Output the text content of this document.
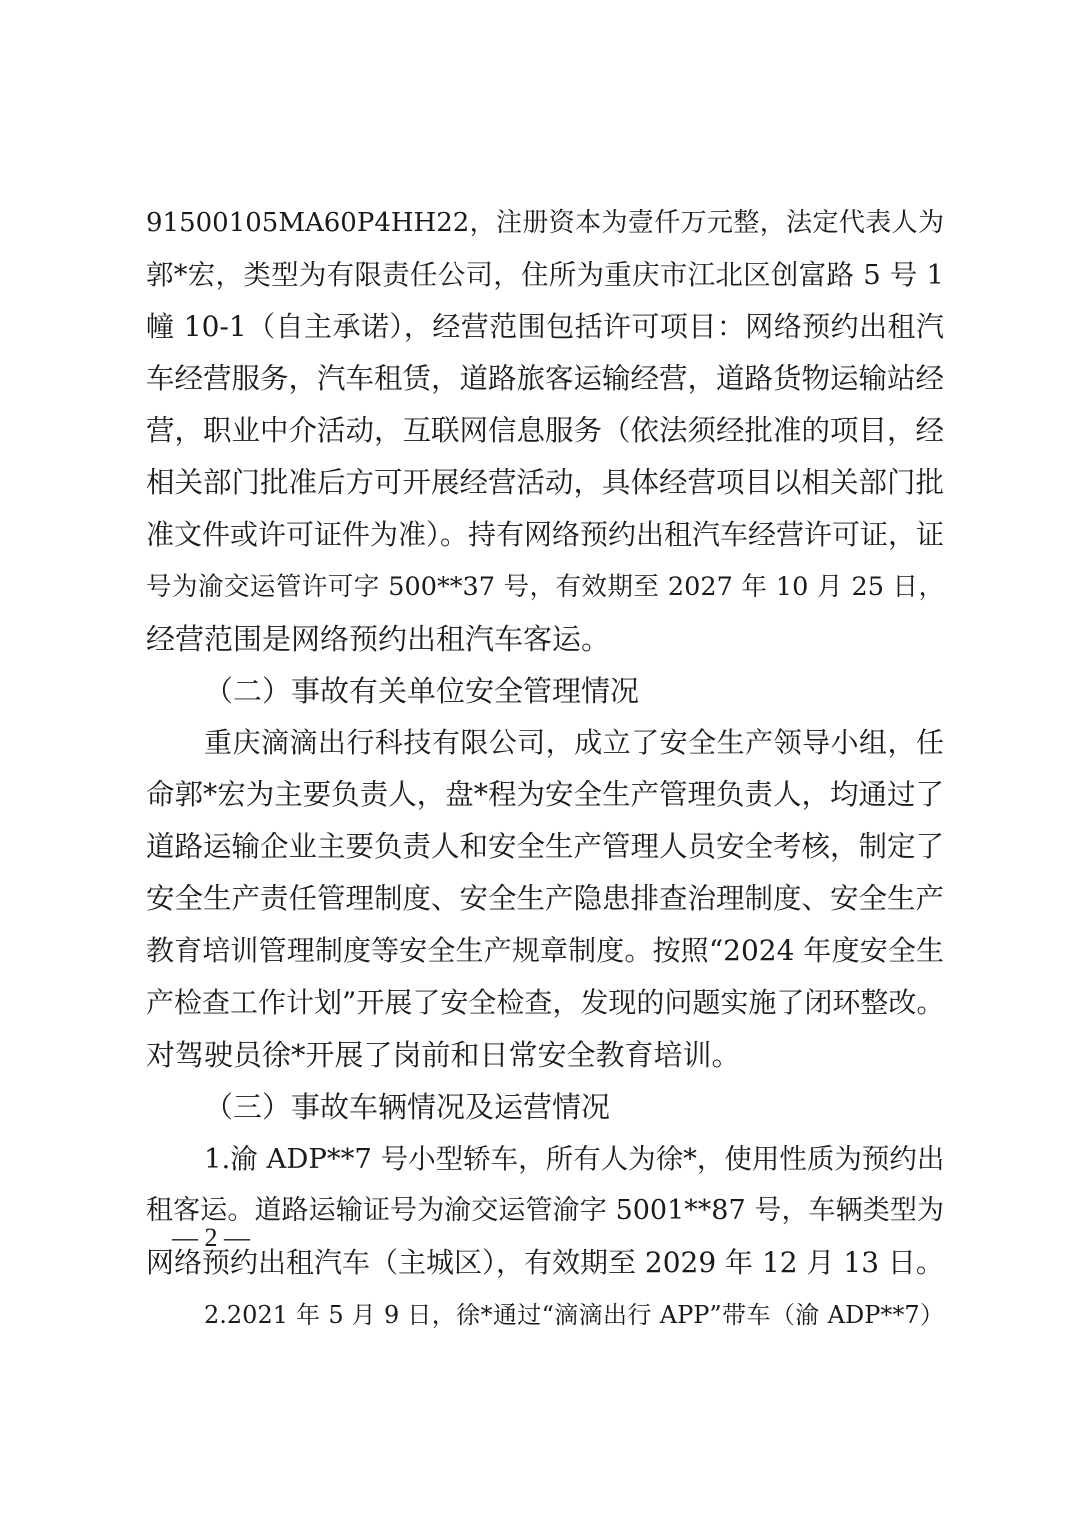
91500105MA60P4HH22，注册资本为壹仟万元整，法定代表人为
郭*宏，类型为有限责任公司，住所为重庆市江北区创富路 5 号 1
幢 10-1（自主承诺），经营范围包括许可项目：网络预约出租汽
车经营服务，汽车租赁，道路旅客运输经营，道路货物运输站经
营，职业中介活动，互联网信息服务（依法须经批准的项目，经
相关部门批准后方可开展经营活动，具体经营项目以相关部门批
准文件或许可证件为准）。持有网络预约出租汽车经营许可证，证
号为渝交运管许可字 500**37 号，有效期至 2027 年 10 月 25 日，
经营范围是网络预约出租汽车客运。
（二）事故有关单位安全管理情况
重庆滴滴出行科技有限公司，成立了安全生产领导小组，任
命郭*宏为主要负责人，盘*程为安全生产管理负责人，均通过了
道路运输企业主要负责人和安全生产管理人员安全考核，制定了
安全生产责任管理制度、安全生产隐患排查治理制度、安全生产
教育培训管理制度等安全生产规章制度。按照“2024 年度安全生
产检查工作计划”开展了安全检查，发现的问题实施了闭环整改。
对驾驶员徐*开展了岗前和日常安全教育培训。
（三）事故车辆情况及运营情况
1.渝 ADP**7 号小型轿车，所有人为徐*，使用性质为预约出
租客运。道路运输证号为渝交运管渝字 5001**87 号，车辆类型为
网络预约出租汽车（主城区），有效期至 2029 年 12 月 13 日。
2.2021 年 5 月 9 日，徐*通过“滴滴出行 APP”带车（渝 ADP**7）
— 2 —
